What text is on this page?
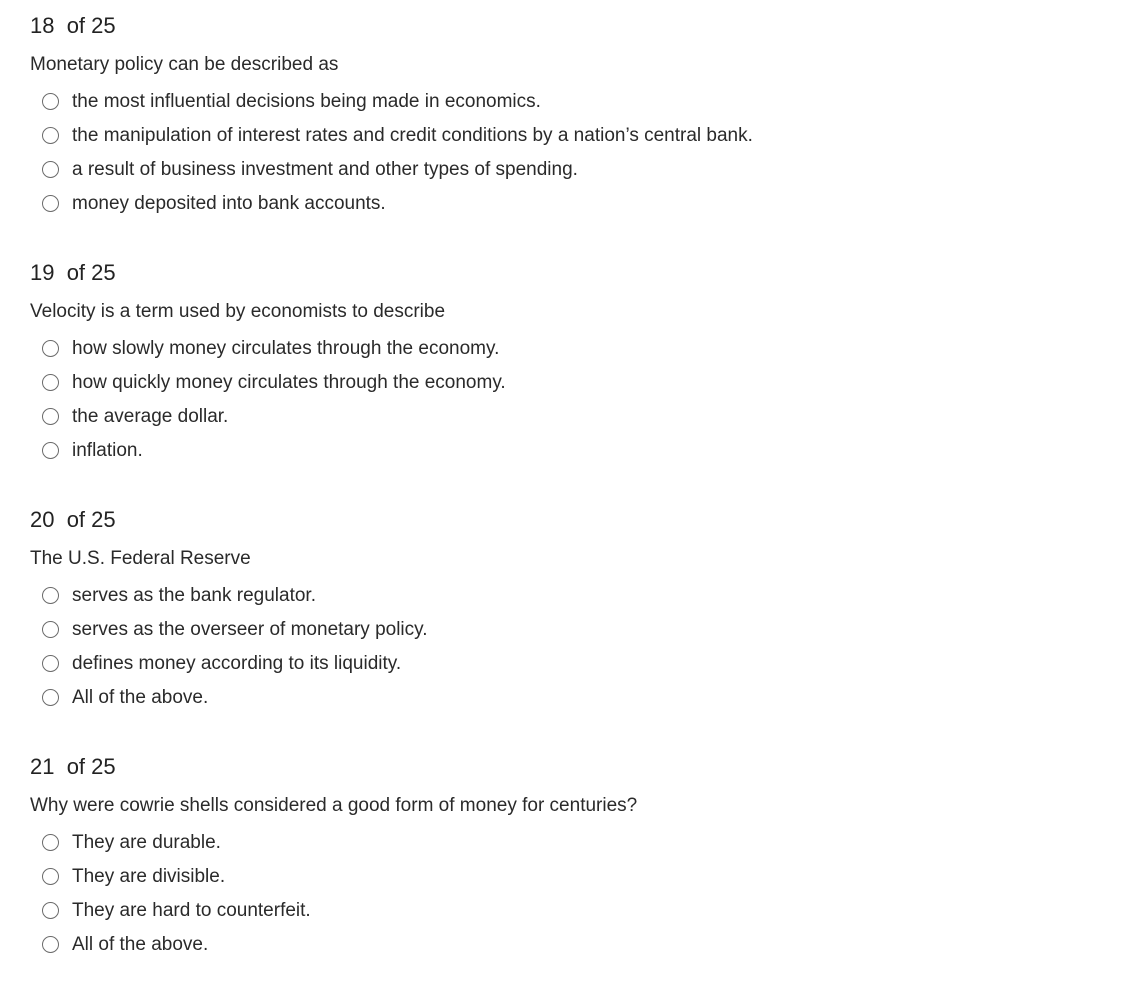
18  of 25
Monetary policy can be described as
the most influential decisions being made in economics.
the manipulation of interest rates and credit conditions by a nation’s central bank.
a result of business investment and other types of spending.
money deposited into bank accounts.
19  of 25
Velocity is a term used by economists to describe
how slowly money circulates through the economy.
how quickly money circulates through the economy.
the average dollar.
inflation.
20  of 25
The U.S. Federal Reserve
serves as the bank regulator.
serves as the overseer of monetary policy.
defines money according to its liquidity.
All of the above.
21  of 25
Why were cowrie shells considered a good form of money for centuries?
They are durable.
They are divisible.
They are hard to counterfeit.
All of the above.
